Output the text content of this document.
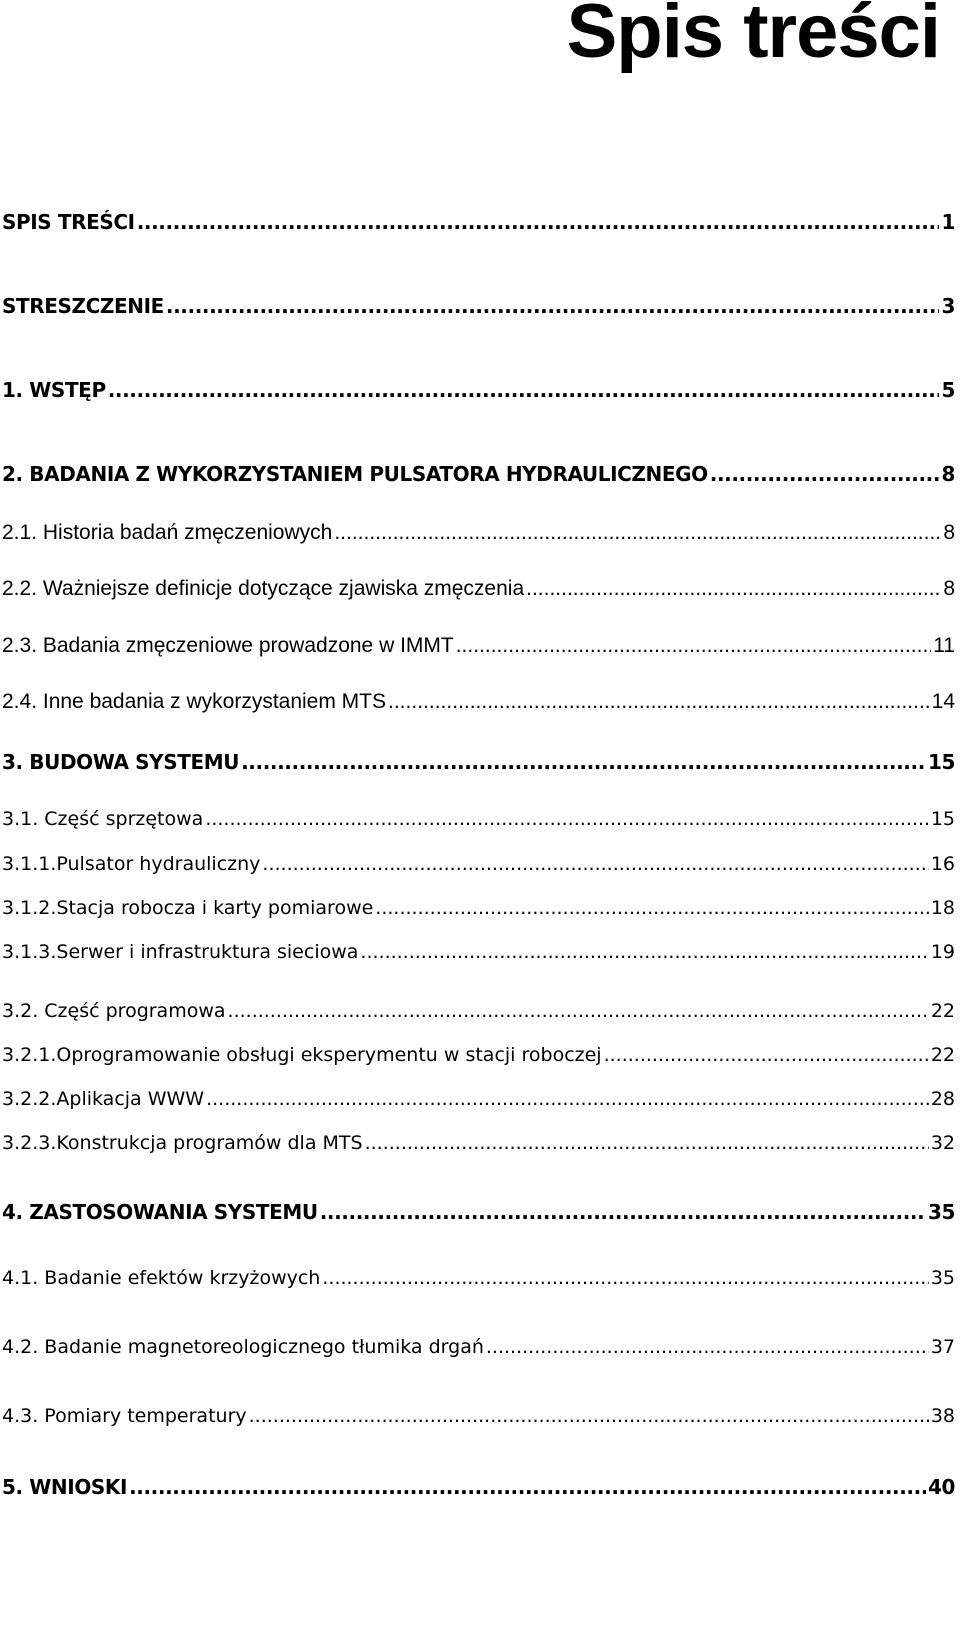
Spis treści
SPIS TREŚCI .....	1
STRESZCZENIE .....	3
1. WSTĘP .....	5
2. BADANIA Z WYKORZYSTANIEM PULSATORA HYDRAULICZNEGO .....	8
2.1. Historia badań zmęczeniowych .....	8
2.2. Ważniejsze definicje dotyczące zjawiska zmęczenia .....	8
2.3. Badania zmęczeniowe prowadzone w IMMT .....	11
2.4. Inne badania z wykorzystaniem MTS .....	14
3. BUDOWA SYSTEMU .....	15
3.1. Część sprzętowa .....	15
3.1.1. Pulsator hydrauliczny .....	16
3.1.2. Stacja robocza i karty pomiarowe .....	18
3.1.3. Serwer i infrastruktura sieciowa .....	19
3.2. Część programowa .....	22
3.2.1. Oprogramowanie obsługi eksperymentu w stacji roboczej .....	22
3.2.2. Aplikacja WWW .....	28
3.2.3. Konstrukcja programów dla MTS .....	32
4. ZASTOSOWANIA SYSTEMU .....	35
4.1. Badanie efektów krzyżowych .....	35
4.2. Badanie magnetoreologicznego tłumika drgań .....	37
4.3. Pomiary temperatury .....	38
5. WNIOSKI .....	40
